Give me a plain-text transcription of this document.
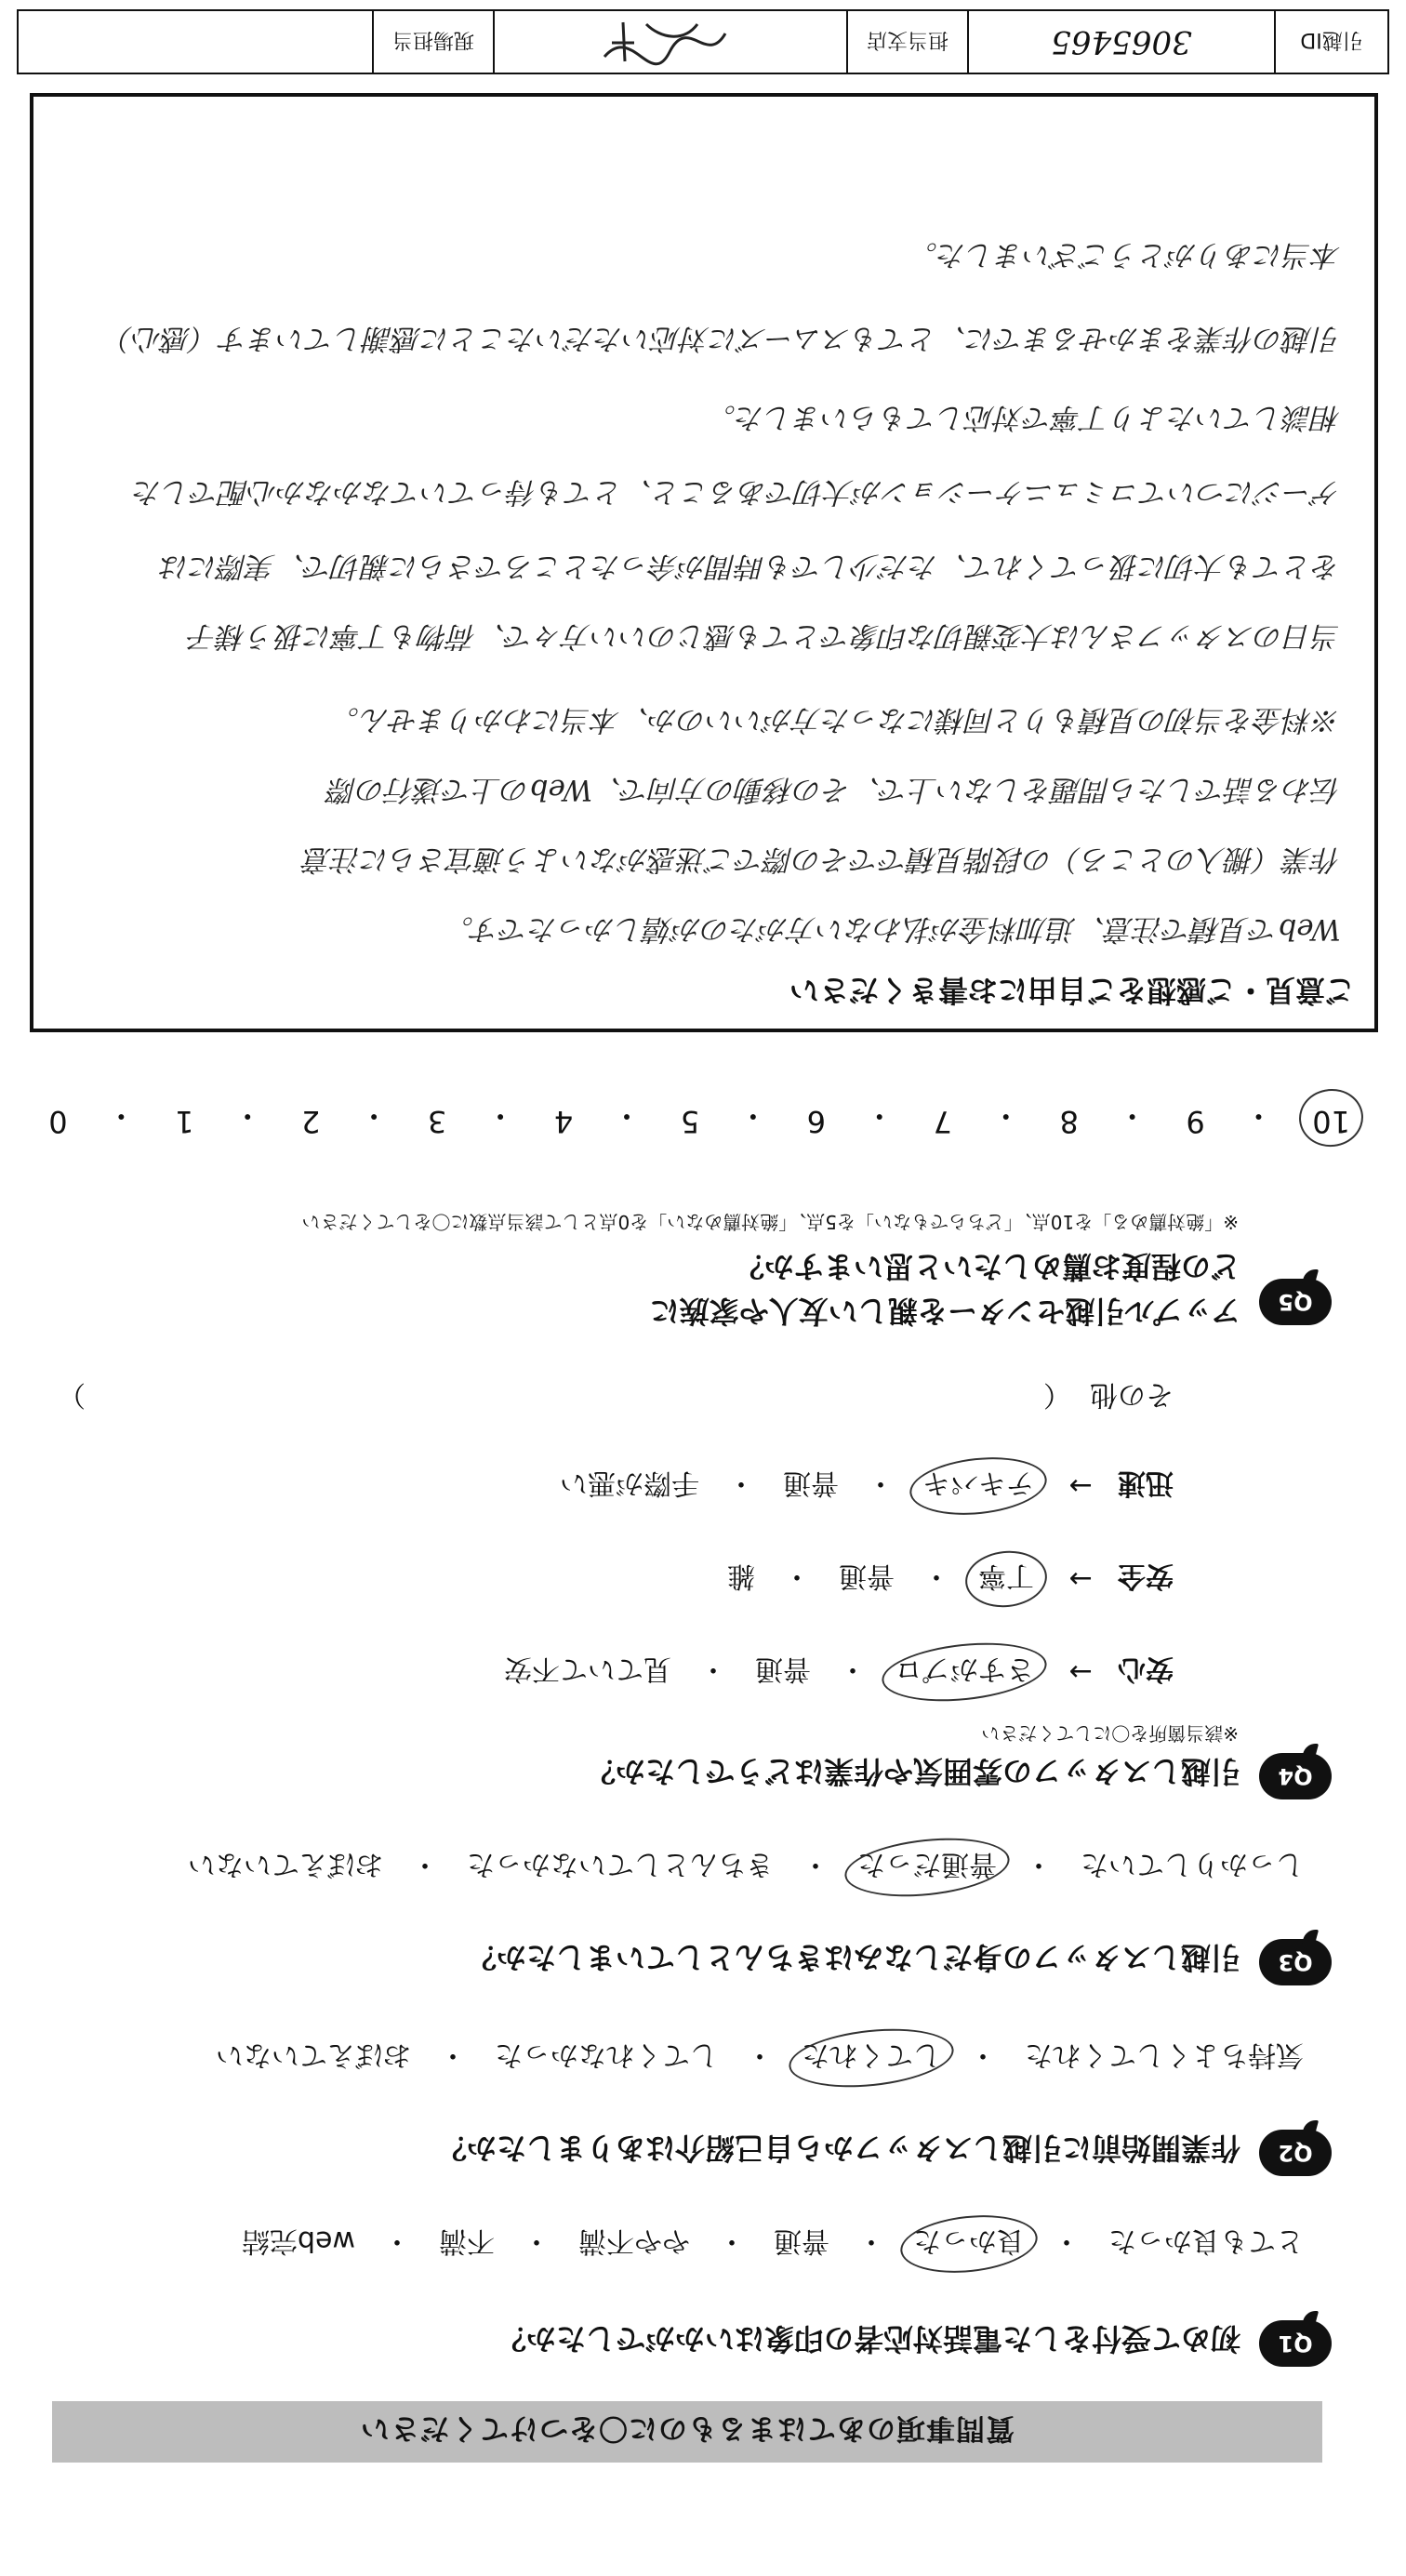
質問事項のあてはまるものに〇をつけてください
Q1
初めて受付をした電話対応者の印象はいかがでしたか？
とても良かった
・
良かった
・
普通
・
やや不満
・
不満
・
web完結
Q2
作業開始前に引越しスタッフから自己紹介はありましたか？
気持ちよくしてくれた
・
してくれた
・
してくれなかった
・
おぼえていない
Q3
引越しスタッフの身だしなみはきちんとしていましたか？
しっかりしていた
・
普通だった
・
きちんとしていなかった
・
おぼえていない
Q4
引越しスタッフの雰囲気や作業はどうでしたか？
※該当箇所を〇にしてください
安心
→
さすがプロ
・
普通
・
見ていて不安
安全
→
丁寧
・
普通
・
雑
迅速
→
テキパキ
・
普通
・
手際が悪い
その他
（
）
Q5
アップル引越センターを親しい友人や家族に
どの程度お薦めしたいと思いますか？
※「絶対薦める」を10点、「どちらでもない」を5点、「絶対薦めない」を0点として該当点数に〇をしてください
10
・
9
・
8
・
7
・
6
・
5
・
4
・
3
・
2
・
1
・
0
ご意見・ご感想をご自由にお書きください
Webで見積で注意、追加料金が払わない方がたのが嬉しかったです。
作業（搬入のところ）の段階見積ででその際でご迷惑がないよう適宜さらに注意
伝わる話でしたら問題をしない上で、その移動の方向で、Webの上で遂行の際
※料金を当初の見積もりと同様になった方がいいのか、本当にわかりません。
当日のスタッフさんは大変親切な印象でとても感じのいい方々で、荷物も丁寧に扱う様子
をとても大切に扱ってくれて、ただ少しでも時間が余ったところでさらに親切で、実際には
ゲージについてコミュニケーションが大切であること、とても待っていてなかなか心配でした
相談していたより丁寧で対応してもらいました。
引越の作業をまかせるまでに、とてもスムーズに対応いただいたことに感謝しています（感心）
本当にありがとうございました。
引越ID
3065465
担当支店
現場担当
